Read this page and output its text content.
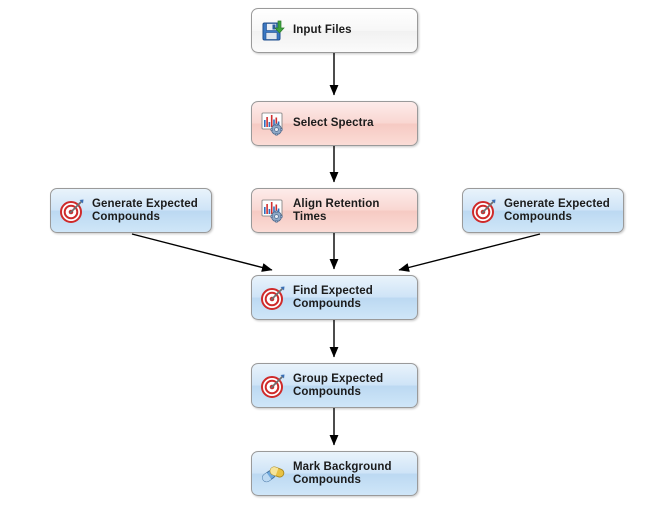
Input Files
Select Spectra
Align Retention Times
Generate Expected Compounds
Generate Expected Compounds
Find Expected Compounds
Group Expected Compounds
Mark Background Compounds
